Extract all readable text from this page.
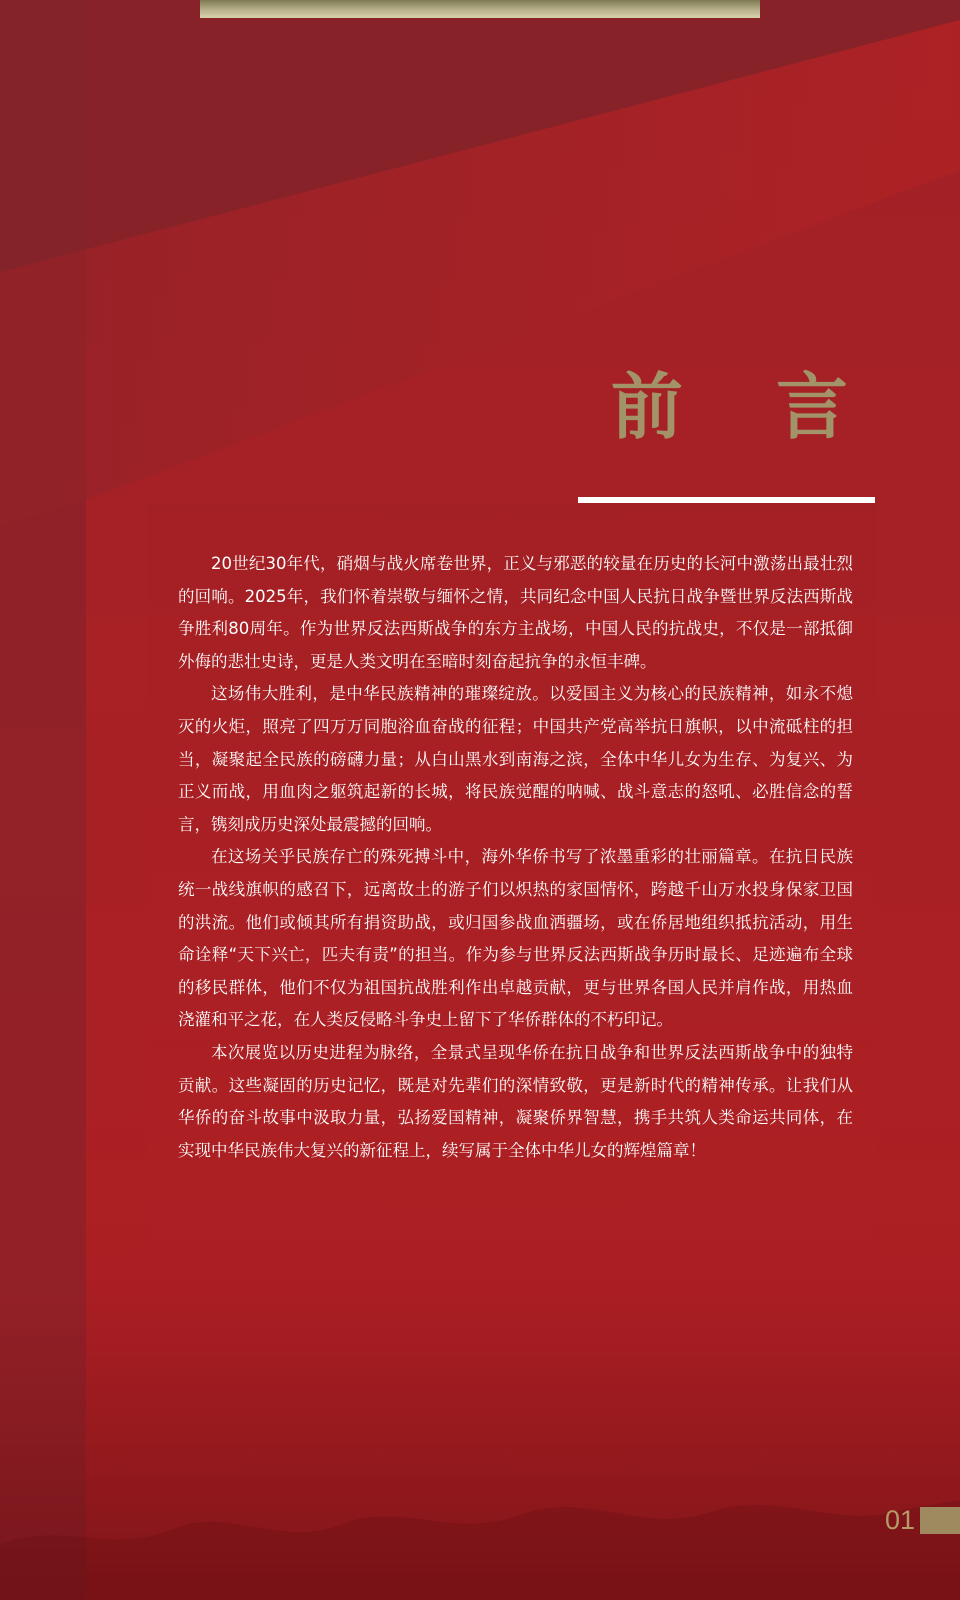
前 言

20世纪30年代，硝烟与战火席卷世界，正义与邪恶的较量在历史的长河中激荡出最壮烈的回响。2025年，我们怀着崇敬与缅怀之情，共同纪念中国人民抗日战争暨世界反法西斯战争胜利80周年。作为世界反法西斯战争的东方主战场，中国人民的抗战史，不仅是一部抵御外侮的悲壮史诗，更是人类文明在至暗时刻奋起抗争的永恒丰碑。

这场伟大胜利，是中华民族精神的璀璨绽放。以爱国主义为核心的民族精神，如永不熄灭的火炬，照亮了四万万同胞浴血奋战的征程；中国共产党高举抗日旗帜，以中流砥柱的担当，凝聚起全民族的磅礴力量；从白山黑水到南海之滨，全体中华儿女为生存、为复兴、为正义而战，用血肉之躯筑起新的长城，将民族觉醒的呐喊、战斗意志的怒吼、必胜信念的誓言，镌刻成历史深处最震撼的回响。

在这场关乎民族存亡的殊死搏斗中，海外华侨书写了浓墨重彩的壮丽篇章。在抗日民族统一战线旗帜的感召下，远离故土的游子们以炽热的家国情怀，跨越千山万水投身保家卫国的洪流。他们或倾其所有捐资助战，或归国参战血洒疆场，或在侨居地组织抵抗活动，用生命诠释“天下兴亡，匹夫有责”的担当。作为参与世界反法西斯战争历时最长、足迹遍布全球的移民群体，他们不仅为祖国抗战胜利作出卓越贡献，更与世界各国人民并肩作战，用热血浇灌和平之花，在人类反侵略斗争史上留下了华侨群体的不朽印记。

本次展览以历史进程为脉络，全景式呈现华侨在抗日战争和世界反法西斯战争中的独特贡献。这些凝固的历史记忆，既是对先辈们的深情致敬，更是新时代的精神传承。让我们从华侨的奋斗故事中汲取力量，弘扬爱国精神，凝聚侨界智慧，携手共筑人类命运共同体，在实现中华民族伟大复兴的新征程上，续写属于全体中华儿女的辉煌篇章！

01
